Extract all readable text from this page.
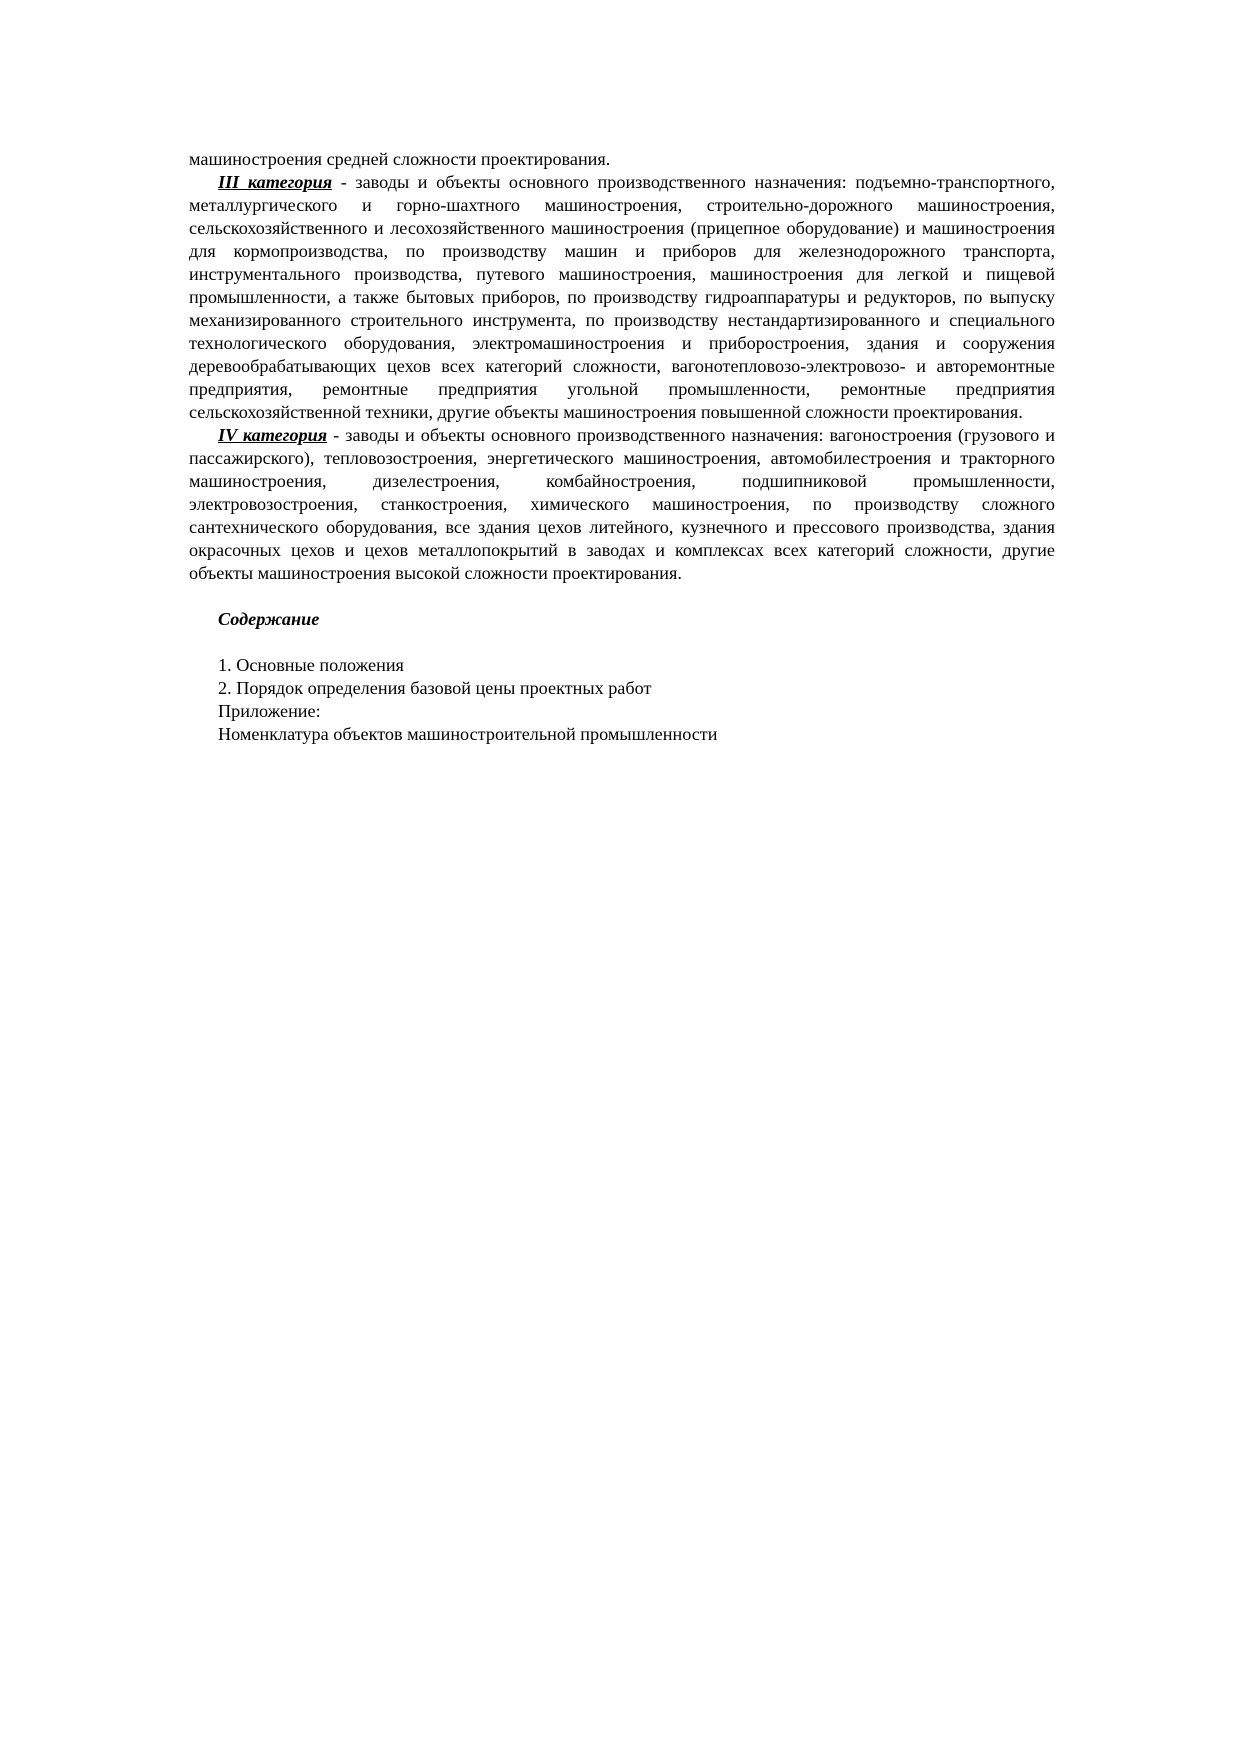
машиностроения средней сложности проектирования.

III категория - заводы и объекты основного производственного назначения: подъемно-транспортного, металлургического и горно-шахтного машиностроения, строительно-дорожного машиностроения, сельскохозяйственного и лесохозяйственного машиностроения (прицепное оборудование) и машиностроения для кормопроизводства, по производству машин и приборов для железнодорожного транспорта, инструментального производства, путевого машиностроения, машиностроения для легкой и пищевой промышленности, а также бытовых приборов, по производству гидроаппаратуры и редукторов, по выпуску механизированного строительного инструмента, по производству нестандартизированного и специального технологического оборудования, электромашиностроения и приборостроения, здания и сооружения деревообрабатывающих цехов всех категорий сложности, вагонотепловозо-электровозо- и авторемонтные предприятия, ремонтные предприятия угольной промышленности, ремонтные предприятия сельскохозяйственной техники, другие объекты машиностроения повышенной сложности проектирования.

IV категория - заводы и объекты основного производственного назначения: вагоностроения (грузового и пассажирского), тепловозостроения, энергетического машиностроения, автомобилестроения и тракторного машиностроения, дизелестроения, комбайностроения, подшипниковой промышленности, электровозостроения, станкостроения, химического машиностроения, по производству сложного сантехнического оборудования, все здания цехов литейного, кузнечного и прессового производства, здания окрасочных цехов и цехов металлопокрытий в заводах и комплексах всех категорий сложности, другие объекты машиностроения высокой сложности проектирования.

Содержание

1. Основные положения
2. Порядок определения базовой цены проектных работ
Приложение:
Номенклатура объектов машиностроительной промышленности
